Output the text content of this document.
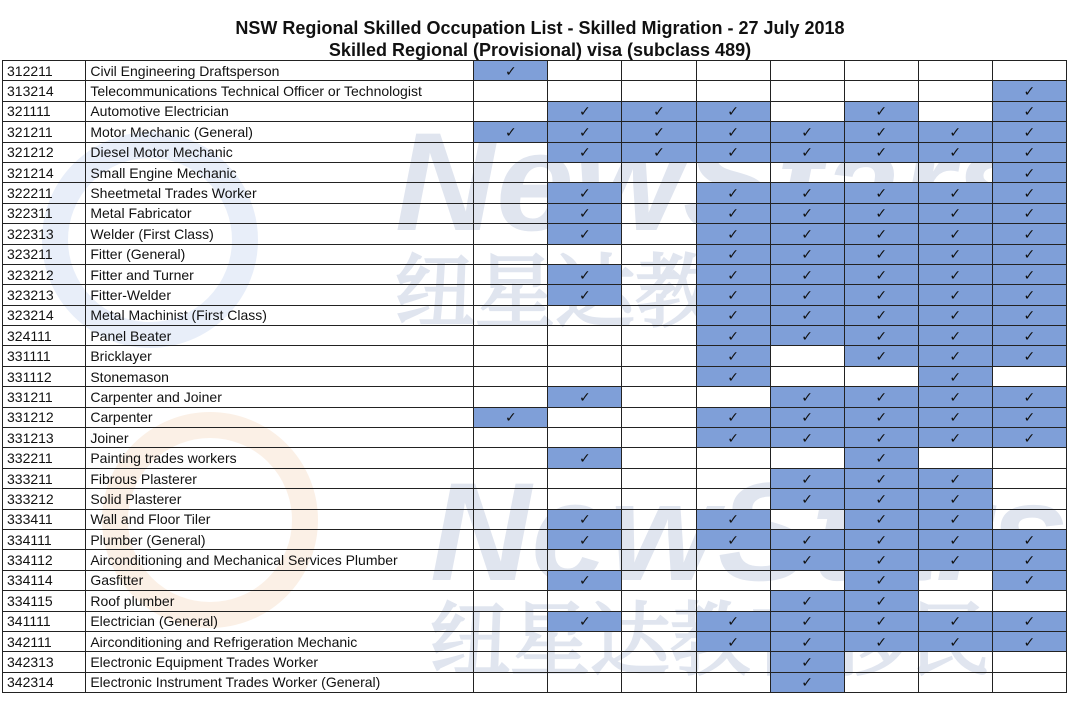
NSW Regional Skilled Occupation List - Skilled Migration - 27 July 2018
Skilled Regional (Provisional) visa (subclass 489)
NewStars
纽星达教育移民
312211	Civil Engineering Draftsperson	✓							
313214	Telecommunications Technical Officer or Technologist								✓
321111	Automotive Electrician		✓	✓	✓		✓		✓
321211	Motor Mechanic (General)	✓	✓	✓	✓	✓	✓	✓	✓
321212	Diesel Motor Mechanic		✓	✓	✓	✓	✓	✓	✓
321214	Small Engine Mechanic								✓
322211	Sheetmetal Trades Worker		✓		✓	✓	✓	✓	✓
322311	Metal Fabricator		✓		✓	✓	✓	✓	✓
322313	Welder (First Class)		✓		✓	✓	✓	✓	✓
323211	Fitter (General)				✓	✓	✓	✓	✓
323212	Fitter and Turner		✓		✓	✓	✓	✓	✓
323213	Fitter-Welder		✓		✓	✓	✓	✓	✓
323214	Metal Machinist (First Class)				✓	✓	✓	✓	✓
324111	Panel Beater				✓	✓	✓	✓	✓
331111	Bricklayer				✓		✓	✓	✓
331112	Stonemason				✓			✓	
331211	Carpenter and Joiner		✓			✓	✓	✓	✓
331212	Carpenter	✓			✓	✓	✓	✓	✓
331213	Joiner				✓	✓	✓	✓	✓
332211	Painting trades workers		✓				✓		
333211	Fibrous Plasterer					✓	✓	✓	
333212	Solid Plasterer					✓	✓	✓	
333411	Wall and Floor Tiler		✓		✓		✓	✓	
334111	Plumber (General)		✓		✓	✓	✓	✓	✓
334112	Airconditioning and Mechanical Services Plumber					✓	✓	✓	✓
334114	Gasfitter		✓				✓		✓
334115	Roof plumber					✓	✓		
341111	Electrician (General)		✓		✓	✓	✓	✓	✓
342111	Airconditioning and Refrigeration Mechanic				✓	✓	✓	✓	✓
342313	Electronic Equipment Trades Worker					✓			
342314	Electronic Instrument Trades Worker (General)					✓			
